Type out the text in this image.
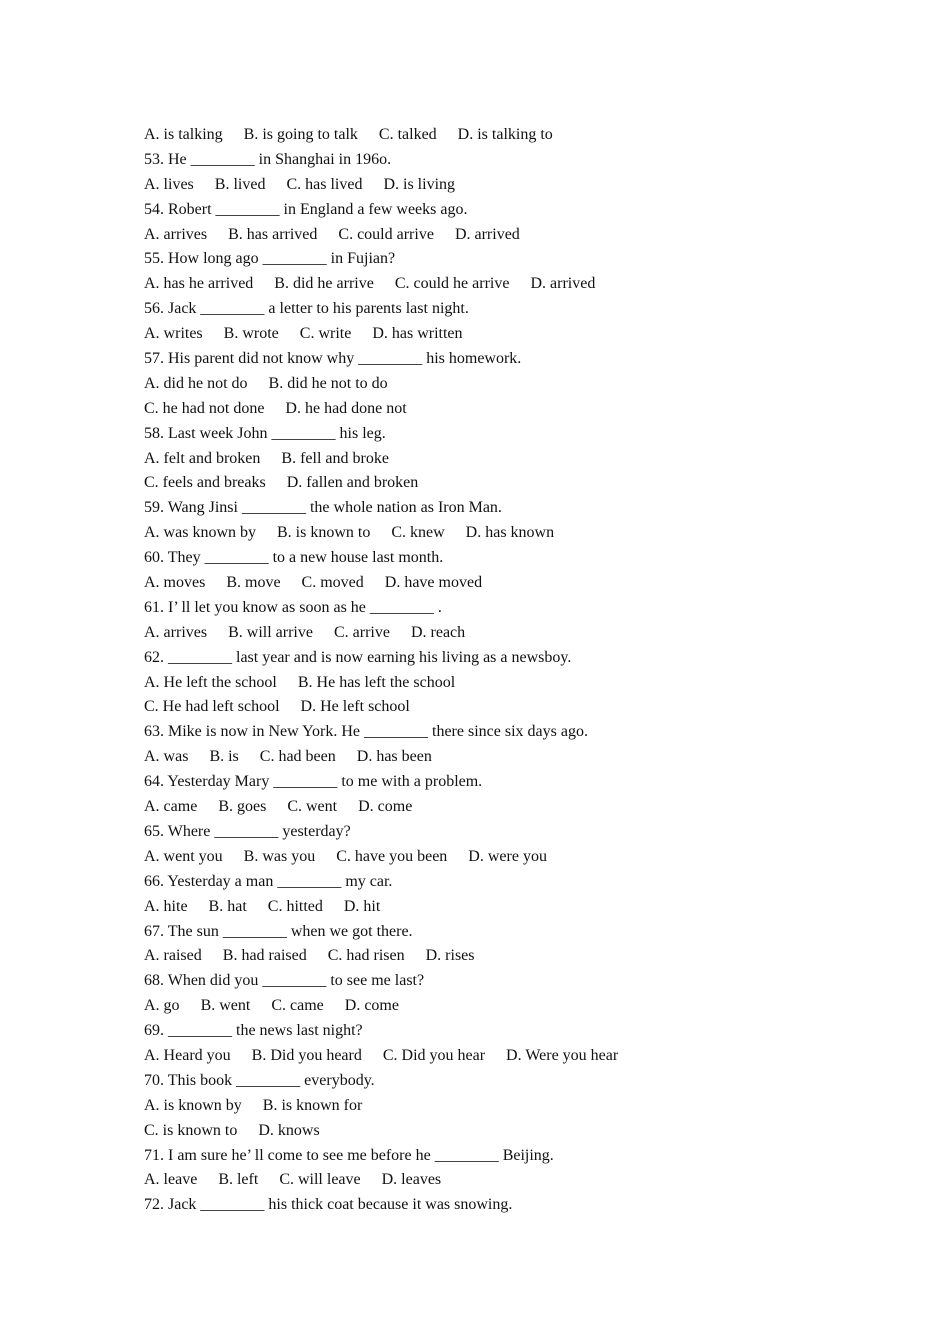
A. is talking B. is going to talk C. talked D. is talking to
53. He ________ in Shanghai in 196o.
A. lives B. lived C. has lived D. is living
54. Robert ________ in England a few weeks ago.
A. arrives B. has arrived C. could arrive D. arrived
55. How long ago ________ in Fujian?
A. has he arrived B. did he arrive C. could he arrive D. arrived
56. Jack ________ a letter to his parents last night.
A. writes B. wrote C. write D. has written
57. His parent did not know why ________ his homework.
A. did he not do B. did he not to do
C. he had not done D. he had done not
58. Last week John ________ his leg.
A. felt and broken B. fell and broke
C. feels and breaks D. fallen and broken
59. Wang Jinsi ________ the whole nation as Iron Man.
A. was known by B. is known to C. knew D. has known
60. They ________ to a new house last month.
A. moves B. move C. moved D. have moved
61. I’ ll let you know as soon as he ________ .
A. arrives B. will arrive C. arrive D. reach
62. ________ last year and is now earning his living as a newsboy.
A. He left the school B. He has left the school
C. He had left school D. He left school
63. Mike is now in New York. He ________ there since six days ago.
A. was B. is C. had been D. has been
64. Yesterday Mary ________ to me with a problem.
A. came B. goes C. went D. come
65. Where ________ yesterday?
A. went you B. was you C. have you been D. were you
66. Yesterday a man ________ my car.
A. hite B. hat C. hitted D. hit
67. The sun ________ when we got there.
A. raised B. had raised C. had risen D. rises
68. When did you ________ to see me last?
A. go B. went C. came D. come
69. ________ the news last night?
A. Heard you B. Did you heard C. Did you hear D. Were you hear
70. This book ________ everybody.
A. is known by B. is known for
C. is known to D. knows
71. I am sure he’ ll come to see me before he ________ Beijing.
A. leave B. left C. will leave D. leaves
72. Jack ________ his thick coat because it was snowing.
